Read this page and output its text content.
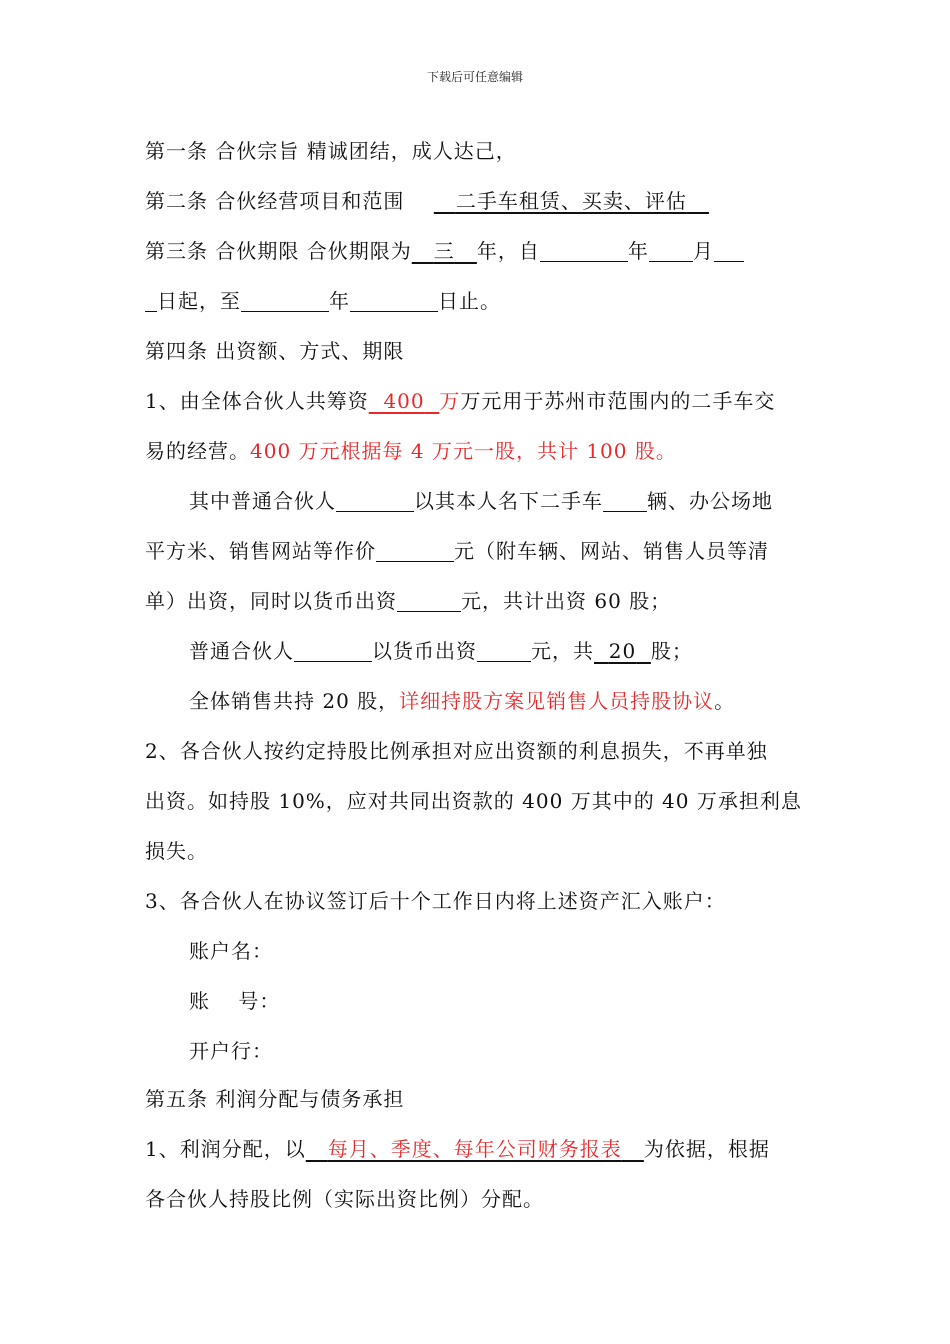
下载后可任意编辑
第一条 合伙宗旨 精诚团结，成人达己，
第二条 合伙经营项目和范围	二手车租赁、买卖、评估
第三条 合伙期限 合伙期限为 三 年，自	年 月
日起，至	年	日止。
第四条 出资额、方式、期限
1、由全体合伙人共筹资 400 万万元用于苏州市范围内的二手车交
易的经营。400 万元根据每 4 万元一股，共计 100 股。
其中普通合伙人	以其本人名下二手车 辆、办公场地
平方米、销售网站等作价	元（附车辆、网站、销售人员等清
单）出资，同时以货币出资	元，共计出资 60 股；
普通合伙人	以货币出资	元，共 20 股；
全体销售共持 20 股，详细持股方案见销售人员持股协议。
2、各合伙人按约定持股比例承担对应出资额的利息损失，不再单独
出资。如持股 10%，应对共同出资款的 400 万其中的 40 万承担利息
损失。
3、各合伙人在协议签订后十个工作日内将上述资产汇入账户：
账户名：
账　 号：
开户行：
第五条 利润分配与债务承担
1、利润分配，以 每月、季度、每年公司财务报表 为依据，根据
各合伙人持股比例（实际出资比例）分配。
